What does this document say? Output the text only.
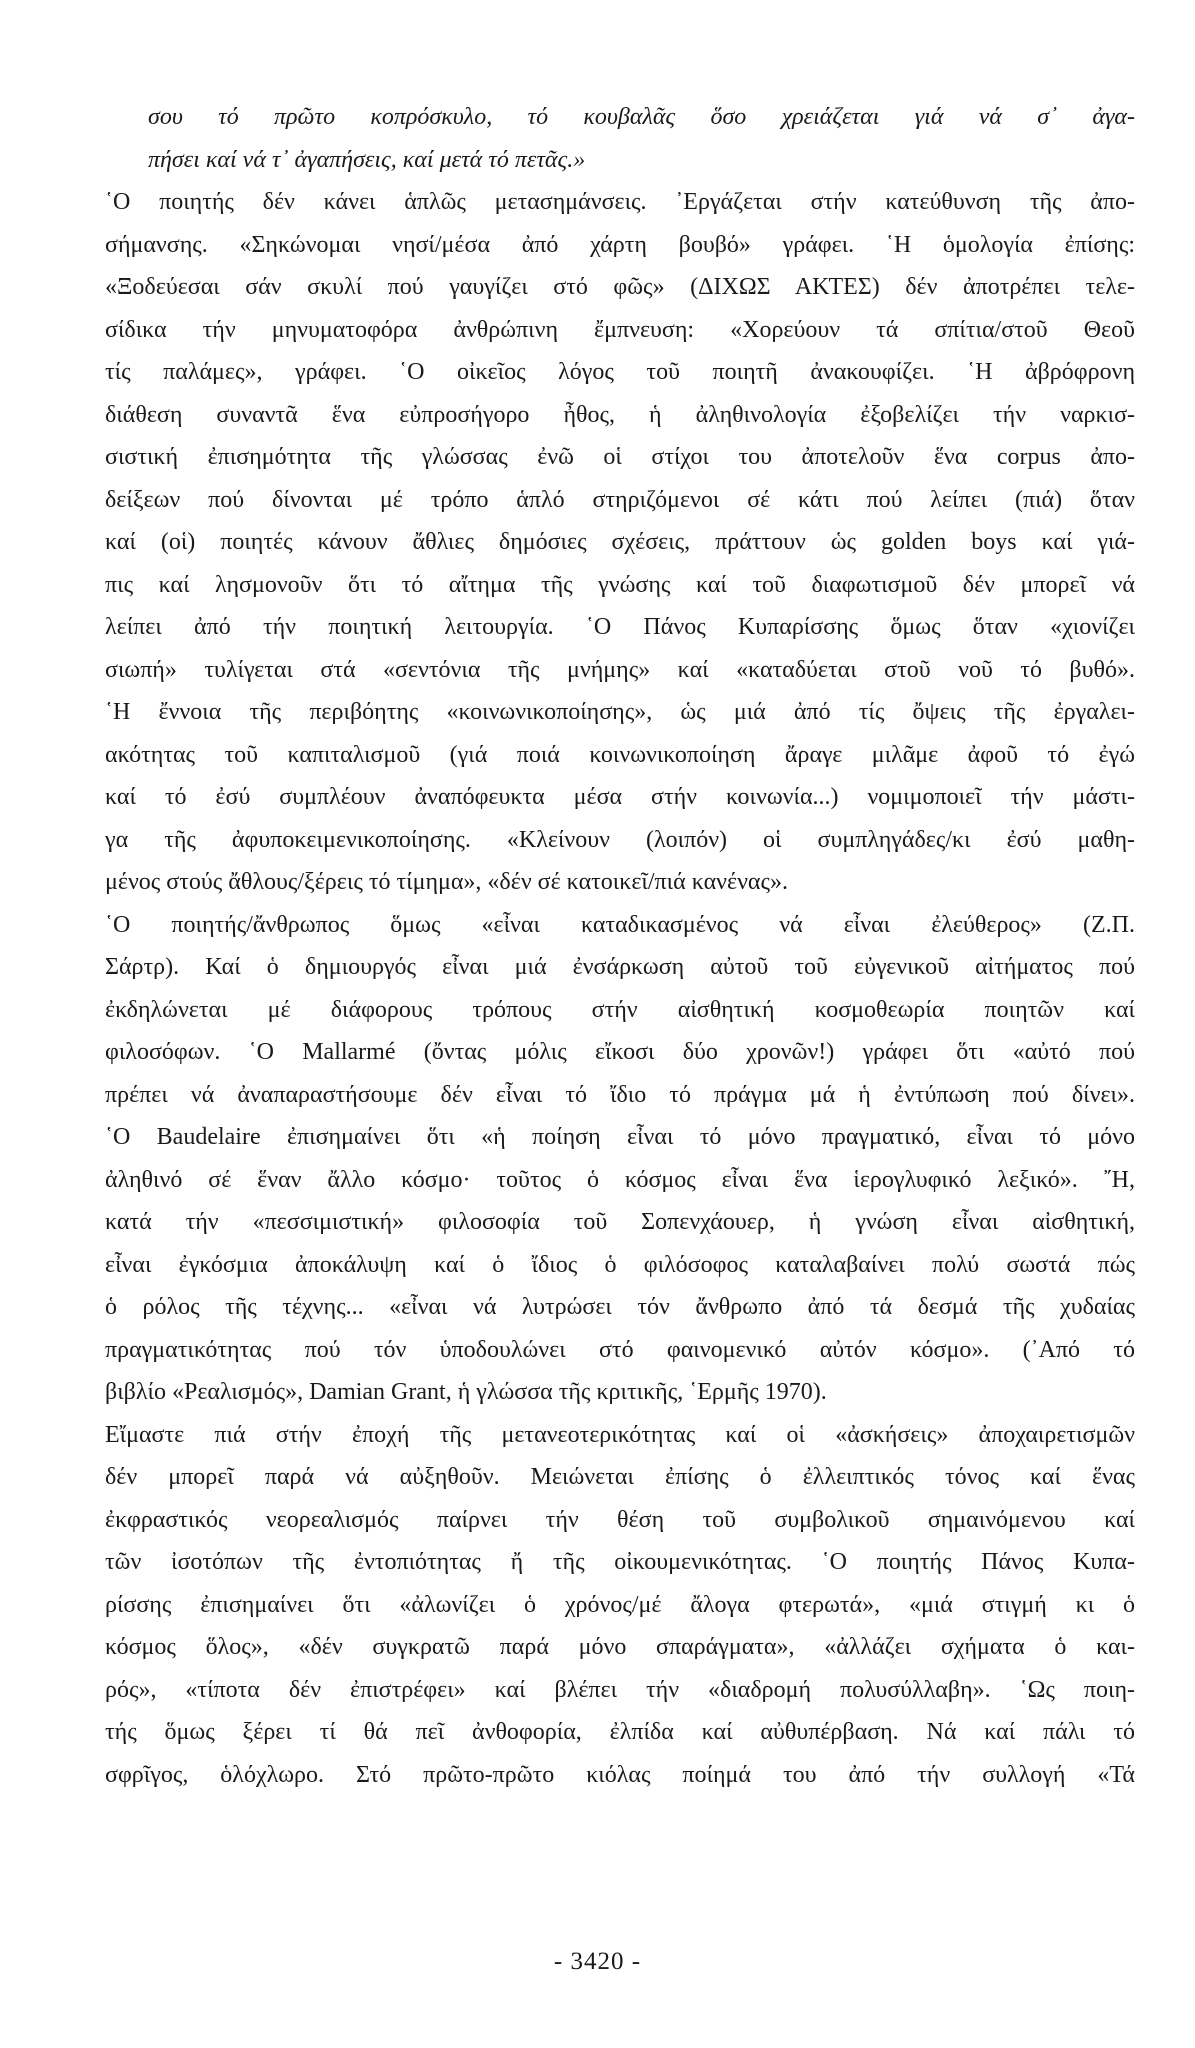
σου τό πρῶτο κοπρόσκυλο, τό κουβαλᾶς ὅσο χρειάζεται γιά νά σ᾽ ἀγα-
πήσει καί νά τ᾽ ἀγαπήσεις, καί μετά τό πετᾶς.»
῾Ο ποιητής δέν κάνει ἁπλῶς μετασημάνσεις. ᾽Εργάζεται στήν κατεύθυνση τῆς ἀπο-
σήμανσης. «Σηκώνομαι νησί/μέσα ἀπό χάρτη βουβό» γράφει. ῾Η ὁμολογία ἐπίσης:
«Ξοδεύεσαι σάν σκυλί πού γαυγίζει στό φῶς» (ΔΙΧΩΣ ΑΚΤΕΣ) δέν ἀποτρέπει τελε-
σίδικα τήν μηνυματοφόρα ἀνθρώπινη ἔμπνευση: «Χορεύουν τά σπίτια/στοῦ Θεοῦ
τίς παλάμες», γράφει. ῾Ο οἰκεῖος λόγος τοῦ ποιητῆ ἀνακουφίζει. ῾Η ἀβρόφρονη
διάθεση συναντᾶ ἕνα εὐπροσήγορο ἦθος, ἡ ἀληθινολογία ἐξοβελίζει τήν ναρκισ-
σιστική ἐπισημότητα τῆς γλώσσας ἐνῶ οἱ στίχοι του ἀποτελοῦν ἕνα corpus ἀπο-
δείξεων πού δίνονται μέ τρόπο ἁπλό στηριζόμενοι σέ κάτι πού λείπει (πιά) ὅταν
καί (οἱ) ποιητές κάνουν ἄθλιες δημόσιες σχέσεις, πράττουν ὡς golden boys καί γιά-
πις καί λησμονοῦν ὅτι τό αἴτημα τῆς γνώσης καί τοῦ διαφωτισμοῦ δέν μπορεῖ νά
λείπει ἀπό τήν ποιητική λειτουργία. ῾Ο Πάνος Κυπαρίσσης ὅμως ὅταν «χιονίζει
σιωπή» τυλίγεται στά «σεντόνια τῆς μνήμης» καί «καταδύεται στοῦ νοῦ τό βυθό».
῾Η ἔννοια τῆς περιβόητης «κοινωνικοποίησης», ὡς μιά ἀπό τίς ὄψεις τῆς ἐργαλει-
ακότητας τοῦ καπιταλισμοῦ (γιά ποιά κοινωνικοποίηση ἄραγε μιλᾶμε ἀφοῦ τό ἐγώ
καί τό ἐσύ συμπλέουν ἀναπόφευκτα μέσα στήν κοινωνία...) νομιμοποιεῖ τήν μάστι-
γα τῆς ἀφυποκειμενικοποίησης. «Κλείνουν (λοιπόν) οἱ συμπληγάδες/κι ἐσύ μαθη-
μένος στούς ἄθλους/ξέρεις τό τίμημα», «δέν σέ κατοικεῖ/πιά κανένας».
῾Ο ποιητής/ἄνθρωπος ὅμως «εἶναι καταδικασμένος νά εἶναι ἐλεύθερος» (Ζ.Π.
Σάρτρ). Καί ὁ δημιουργός εἶναι μιά ἐνσάρκωση αὐτοῦ τοῦ εὐγενικοῦ αἰτήματος πού
ἐκδηλώνεται μέ διάφορους τρόπους στήν αἰσθητική κοσμοθεωρία ποιητῶν καί
φιλοσόφων. ῾Ο Mallarmé (ὄντας μόλις εἴκοσι δύο χρονῶν!) γράφει ὅτι «αὐτό πού
πρέπει νά ἀναπαραστήσουμε δέν εἶναι τό ἴδιο τό πράγμα μά ἡ ἐντύπωση πού δίνει».
῾Ο Baudelaire ἐπισημαίνει ὅτι «ἡ ποίηση εἶναι τό μόνο πραγματικό, εἶναι τό μόνο
ἀληθινό σέ ἕναν ἄλλο κόσμο· τοῦτος ὁ κόσμος εἶναι ἕνα ἱερογλυφικό λεξικό». ῎Η,
κατά τήν «πεσσιμιστική» φιλοσοφία τοῦ Σοπενχάουερ, ἡ γνώση εἶναι αἰσθητική,
εἶναι ἐγκόσμια ἀποκάλυψη καί ὁ ἴδιος ὁ φιλόσοφος καταλαβαίνει πολύ σωστά πώς
ὁ ρόλος τῆς τέχνης... «εἶναι νά λυτρώσει τόν ἄνθρωπο ἀπό τά δεσμά τῆς χυδαίας
πραγματικότητας πού τόν ὑποδουλώνει στό φαινομενικό αὐτόν κόσμο». (᾽Από τό
βιβλίο «Ρεαλισμός», Damian Grant, ἡ γλώσσα τῆς κριτικῆς, ῾Ερμῆς 1970).
Εἴμαστε πιά στήν ἐποχή τῆς μετανεοτερικότητας καί οἱ «ἀσκήσεις» ἀποχαιρετισμῶν
δέν μπορεῖ παρά νά αὐξηθοῦν. Μειώνεται ἐπίσης ὁ ἐλλειπτικός τόνος καί ἕνας
ἐκφραστικός νεορεαλισμός παίρνει τήν θέση τοῦ συμβολικοῦ σημαινόμενου καί
τῶν ἰσοτόπων τῆς ἐντοπιότητας ἤ τῆς οἰκουμενικότητας. ῾Ο ποιητής Πάνος Κυπα-
ρίσσης ἐπισημαίνει ὅτι «ἀλωνίζει ὁ χρόνος/μέ ἄλογα φτερωτά», «μιά στιγμή κι ὁ
κόσμος ὅλος», «δέν συγκρατῶ παρά μόνο σπαράγματα», «ἀλλάζει σχήματα ὁ και-
ρός», «τίποτα δέν ἐπιστρέφει» καί βλέπει τήν «διαδρομή πολυσύλλαβη». ῾Ως ποιη-
τής ὅμως ξέρει τί θά πεῖ ἀνθοφορία, ἐλπίδα καί αὐθυπέρβαση. Νά καί πάλι τό
σφρῖγος, ὁλόχλωρο. Στό πρῶτο-πρῶτο κιόλας ποίημά του ἀπό τήν συλλογή «Τά
- 3420 -
